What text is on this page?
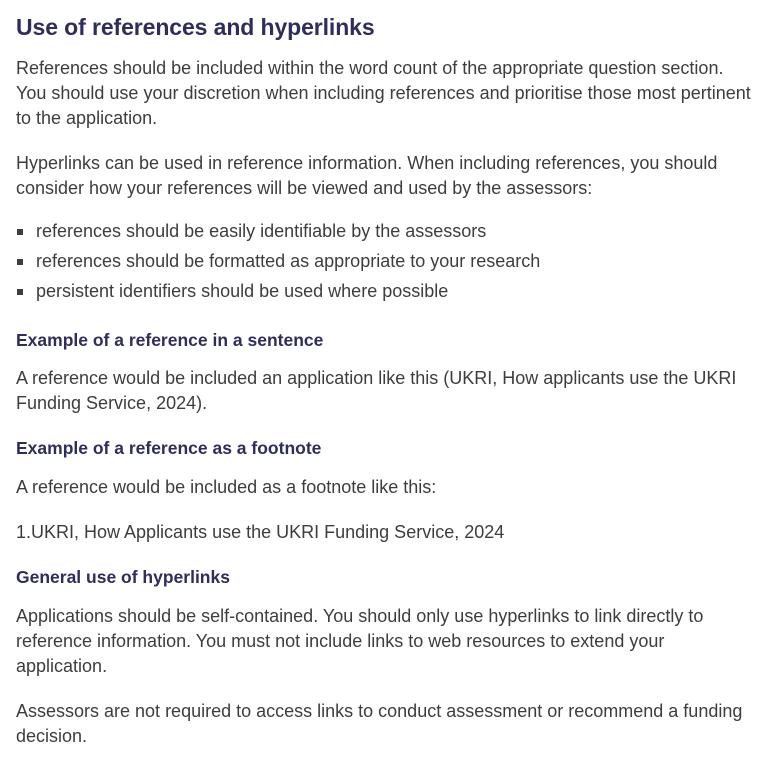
Use of references and hyperlinks

References should be included within the word count of the appropriate question section. You should use your discretion when including references and prioritise those most pertinent to the application.

Hyperlinks can be used in reference information. When including references, you should consider how your references will be viewed and used by the assessors:

references should be easily identifiable by the assessors
references should be formatted as appropriate to your research
persistent identifiers should be used where possible
Example of a reference in a sentence

A reference would be included an application like this (UKRI, How applicants use the UKRI Funding Service, 2024).

Example of a reference as a footnote

A reference would be included as a footnote like this:

1.UKRI, How Applicants use the UKRI Funding Service, 2024

General use of hyperlinks

Applications should be self-contained. You should only use hyperlinks to link directly to reference information. You must not include links to web resources to extend your application.

Assessors are not required to access links to conduct assessment or recommend a funding decision.
